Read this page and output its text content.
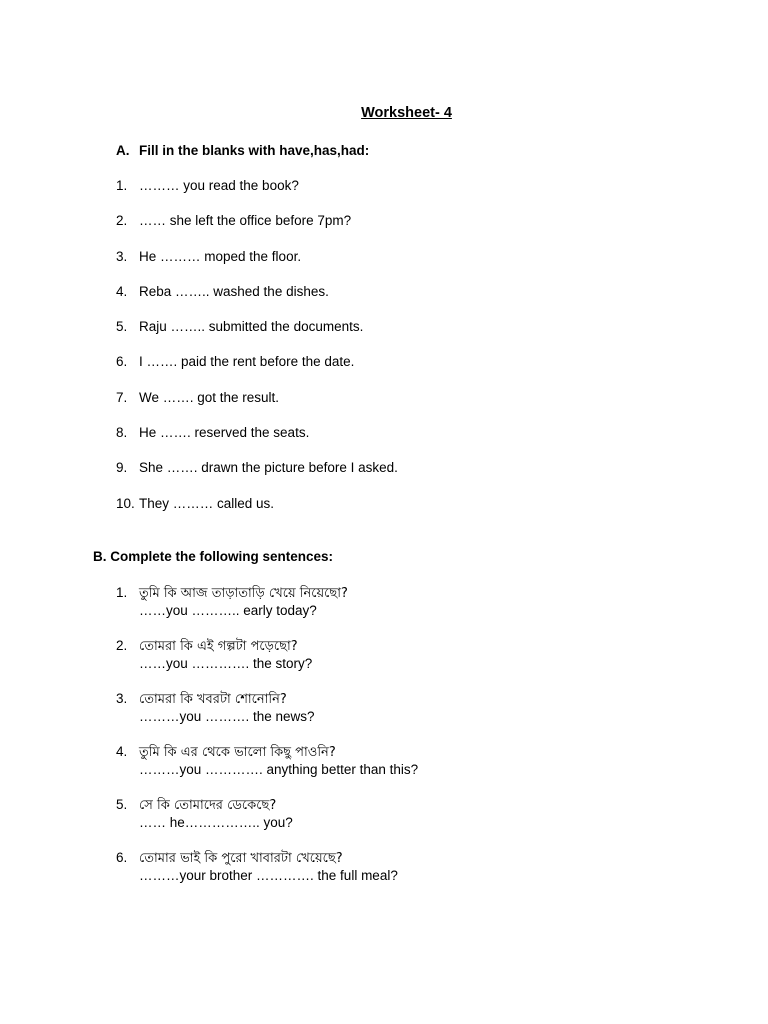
Worksheet- 4
A. Fill in the blanks with have,has,had:
1. ……… you read the book?
2. …… she left the office before 7pm?
3. He ……… moped the floor.
4. Reba …….. washed the dishes.
5. Raju …….. submitted the documents.
6. I ……. paid the rent before the date.
7. We ……. got the result.
8. He ……. reserved the seats.
9. She ……. drawn the picture before I asked.
10. They ……… called us.
B. Complete the following sentences:
1. তুমি কি আজ তাড়াতাড়ি খেয়ে নিয়েছো?
……you ……….. early today?
2. তোমরা কি এই গল্পটা পড়েছো?
……you …………. the story?
3. তোমরা কি খবরটা শোনোনি?
………you ………. the news?
4. তুমি কি এর থেকে ভালো কিছু পাওনি?
………you …………. anything better than this?
5. সে কি তোমাদের ডেকেছে?
…… he…………….. you?
6. তোমার ভাই কি পুরো খাবারটা খেয়েছে?
………your brother …………. the full meal?
